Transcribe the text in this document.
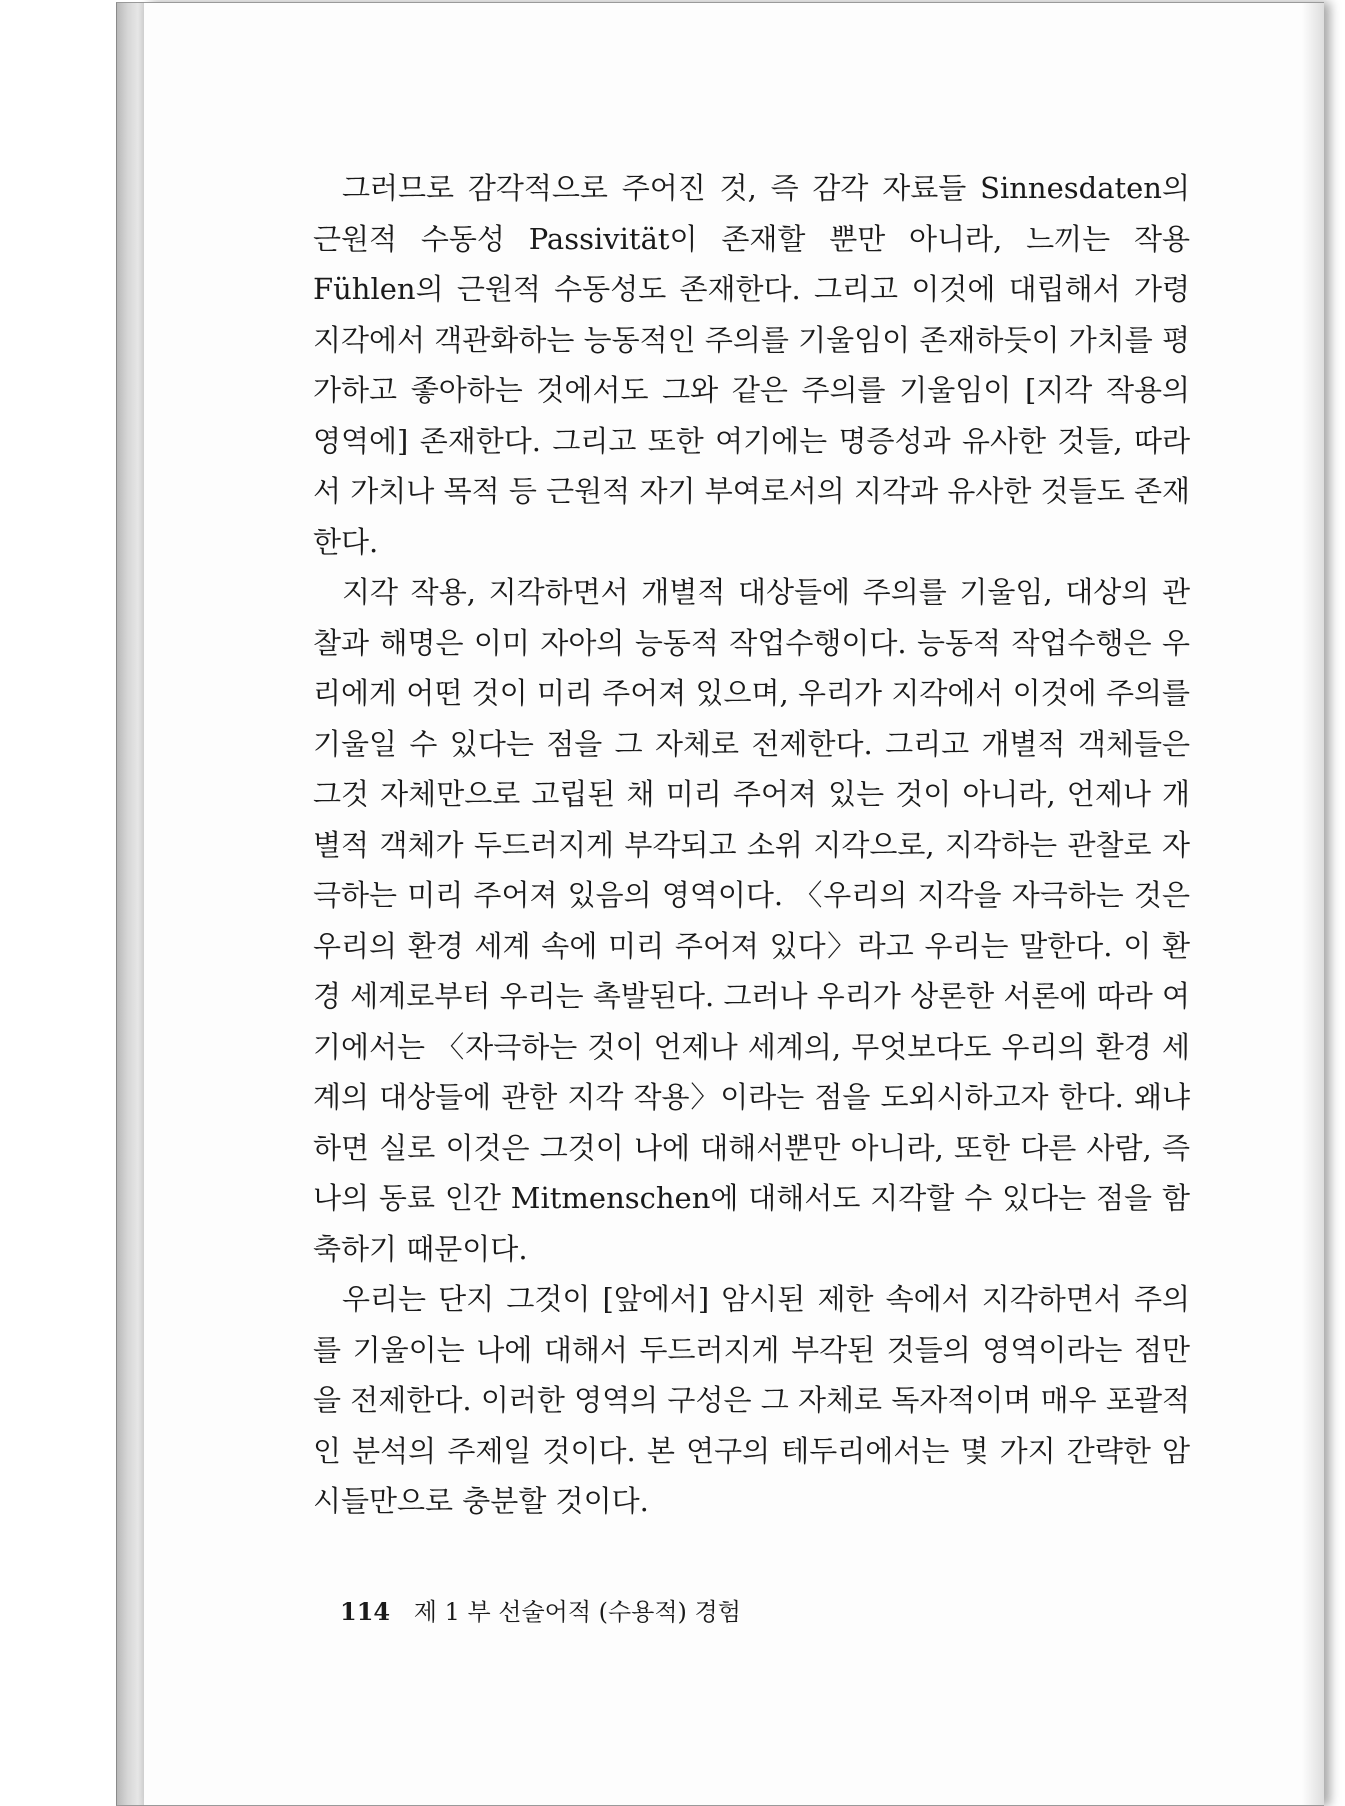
그러므로 감각적으로 주어진 것, 즉 감각 자료들 Sinnesdaten의 근원적 수동성 Passivität이 존재할 뿐만 아니라, 느끼는 작용 Fühlen의 근원적 수동성도 존재한다. 그리고 이것에 대립해서 가령 지각에서 객관화하는 능동적인 주의를 기울임이 존재하듯이 가치를 평가하고 좋아하는 것에서도 그와 같은 주의를 기울임이 [지각 작용의 영역에] 존재한다. 그리고 또한 여기에는 명증성과 유사한 것들, 따라서 가치나 목적 등 근원적 자기 부여로서의 지각과 유사한 것들도 존재한다.

지각 작용, 지각하면서 개별적 대상들에 주의를 기울임, 대상의 관찰과 해명은 이미 자아의 능동적 작업수행이다. 능동적 작업수행은 우리에게 어떤 것이 미리 주어져 있으며, 우리가 지각에서 이것에 주의를 기울일 수 있다는 점을 그 자체로 전제한다. 그리고 개별적 객체들은 그것 자체만으로 고립된 채 미리 주어져 있는 것이 아니라, 언제나 개별적 객체가 두드러지게 부각되고 소위 지각으로, 지각하는 관찰로 자극하는 미리 주어져 있음의 영역이다. 〈우리의 지각을 자극하는 것은 우리의 환경 세계 속에 미리 주어져 있다〉라고 우리는 말한다. 이 환경 세계로부터 우리는 촉발된다. 그러나 우리가 상론한 서론에 따라 여기에서는 〈자극하는 것이 언제나 세계의, 무엇보다도 우리의 환경 세계의 대상들에 관한 지각 작용〉이라는 점을 도외시하고자 한다. 왜냐하면 실로 이것은 그것이 나에 대해서뿐만 아니라, 또한 다른 사람, 즉 나의 동료 인간 Mitmenschen에 대해서도 지각할 수 있다는 점을 함축하기 때문이다.

우리는 단지 그것이 [앞에서] 암시된 제한 속에서 지각하면서 주의를 기울이는 나에 대해서 두드러지게 부각된 것들의 영역이라는 점만을 전제한다. 이러한 영역의 구성은 그 자체로 독자적이며 매우 포괄적인 분석의 주제일 것이다. 본 연구의 테두리에서는 몇 가지 간략한 암시들만으로 충분할 것이다.

114 제 1 부 선술어적 (수용적) 경험
